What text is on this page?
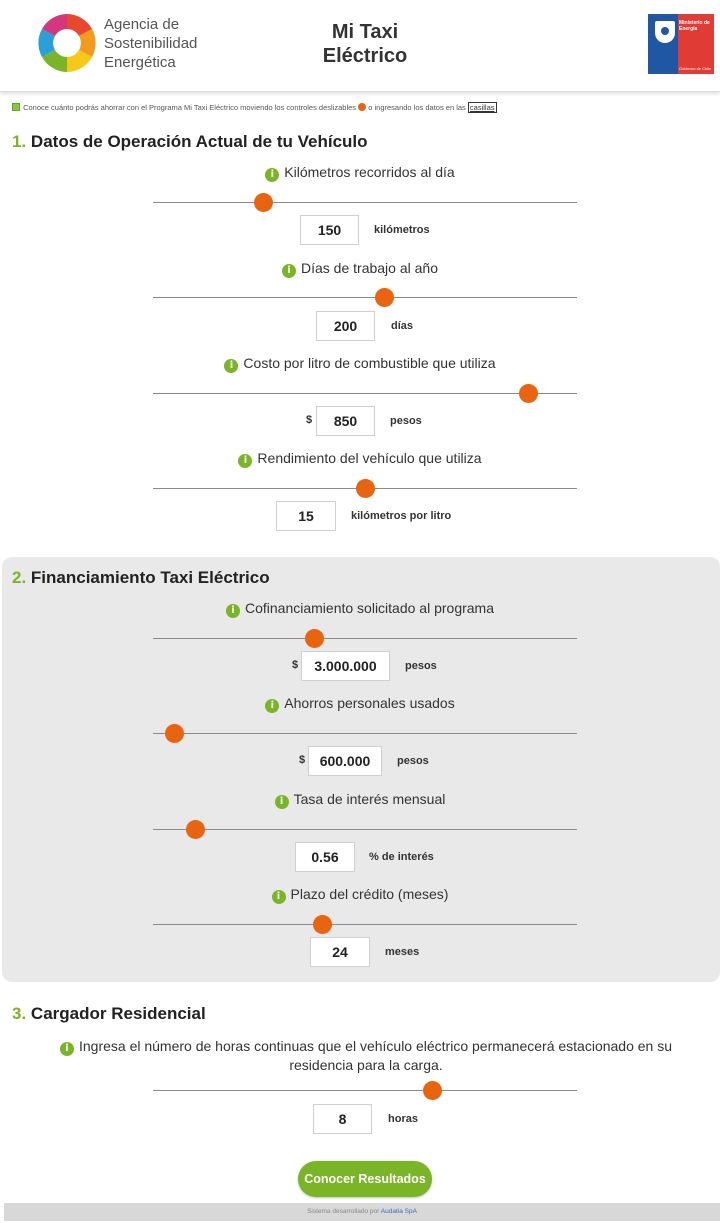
Agencia de
Sostenibilidad
Energética
Mi Taxi
Eléctrico
Ministerio de
Energía
Gobierno de Chile
Conoce cuánto podrás ahorrar con el Programa Mi Taxi Eléctrico moviendo los controles deslizables o ingresando los datos en las casillas
1. Datos de Operación Actual de tu Vehículo
2. Financiamiento Taxi Eléctrico
3. Cargador Residencial
i Kilómetros recorridos al día
150	kilómetros
i Días de trabajo al año
200	días
i Costo por litro de combustible que utiliza
$	850	pesos
i Rendimiento del vehículo que utiliza
15	kilómetros por litro
i Cofinanciamiento solicitado al programa
$	3.000.000	pesos
i Ahorros personales usados
$	600.000	pesos
i Tasa de interés mensual
0.56	% de interés
i Plazo del crédito (meses)
24	meses
i Ingresa el número de horas continuas que el vehículo eléctrico permanecerá estacionado en su residencia para la carga.
8	horas
Conocer Resultados
Sistema desarrollado por Audatia SpA
